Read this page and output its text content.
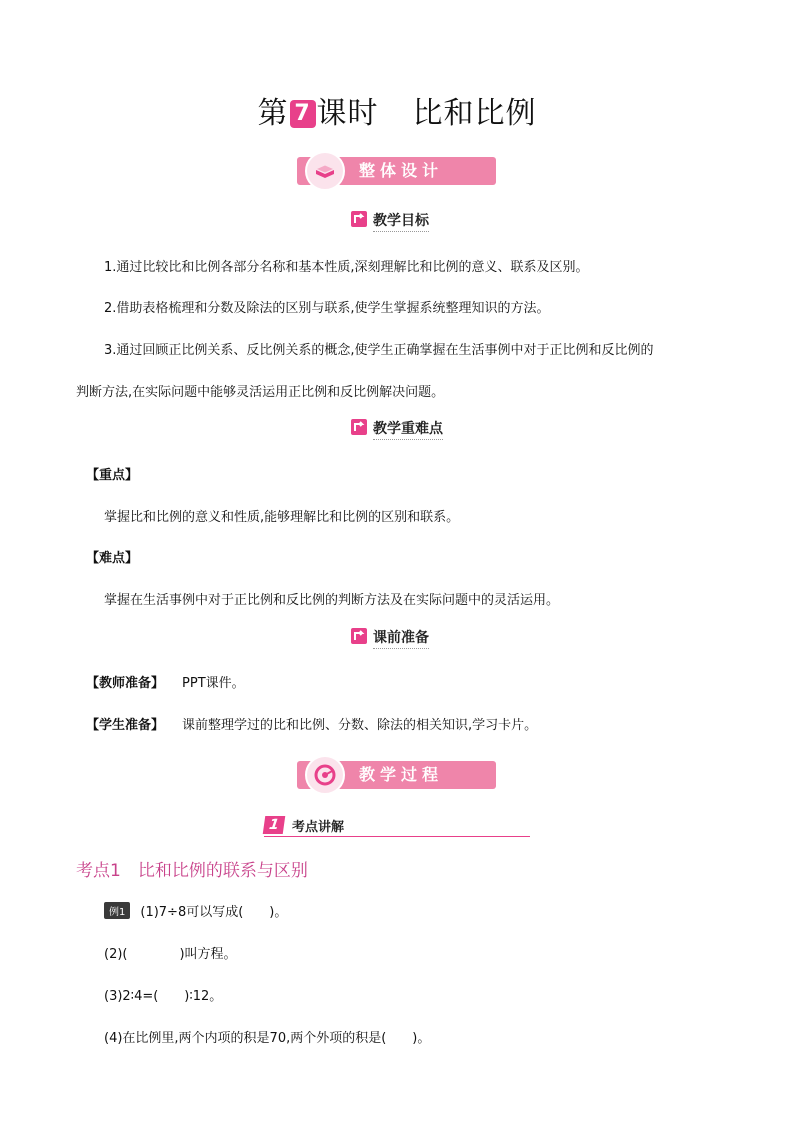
第 7 课时 比和比例
整体设计
教学目标
1.通过比较比和比例各部分名称和基本性质,深刻理解比和比例的意义、联系及区别。
2.借助表格梳理和分数及除法的区别与联系,使学生掌握系统整理知识的方法。
3.通过回顾正比例关系、反比例关系的概念,使学生正确掌握在生活事例中对于正比例和反比例的
判断方法,在实际问题中能够灵活运用正比例和反比例解决问题。
教学重难点
【重点】
掌握比和比例的意义和性质,能够理解比和比例的区别和联系。
【难点】
掌握在生活事例中对于正比例和反比例的判断方法及在实际问题中的灵活运用。
课前准备
【教师准备】 PPT课件。
【学生准备】 课前整理学过的比和比例、分数、除法的相关知识,学习卡片。
教学过程
1 考点讲解
考点1　比和比例的联系与区别
例1 (1)7÷8可以写成(　　)。
(2)(　　　　)叫方程。
(3)2∶4=(　　)∶12。
(4)在比例里,两个内项的积是70,两个外项的积是(　　)。
